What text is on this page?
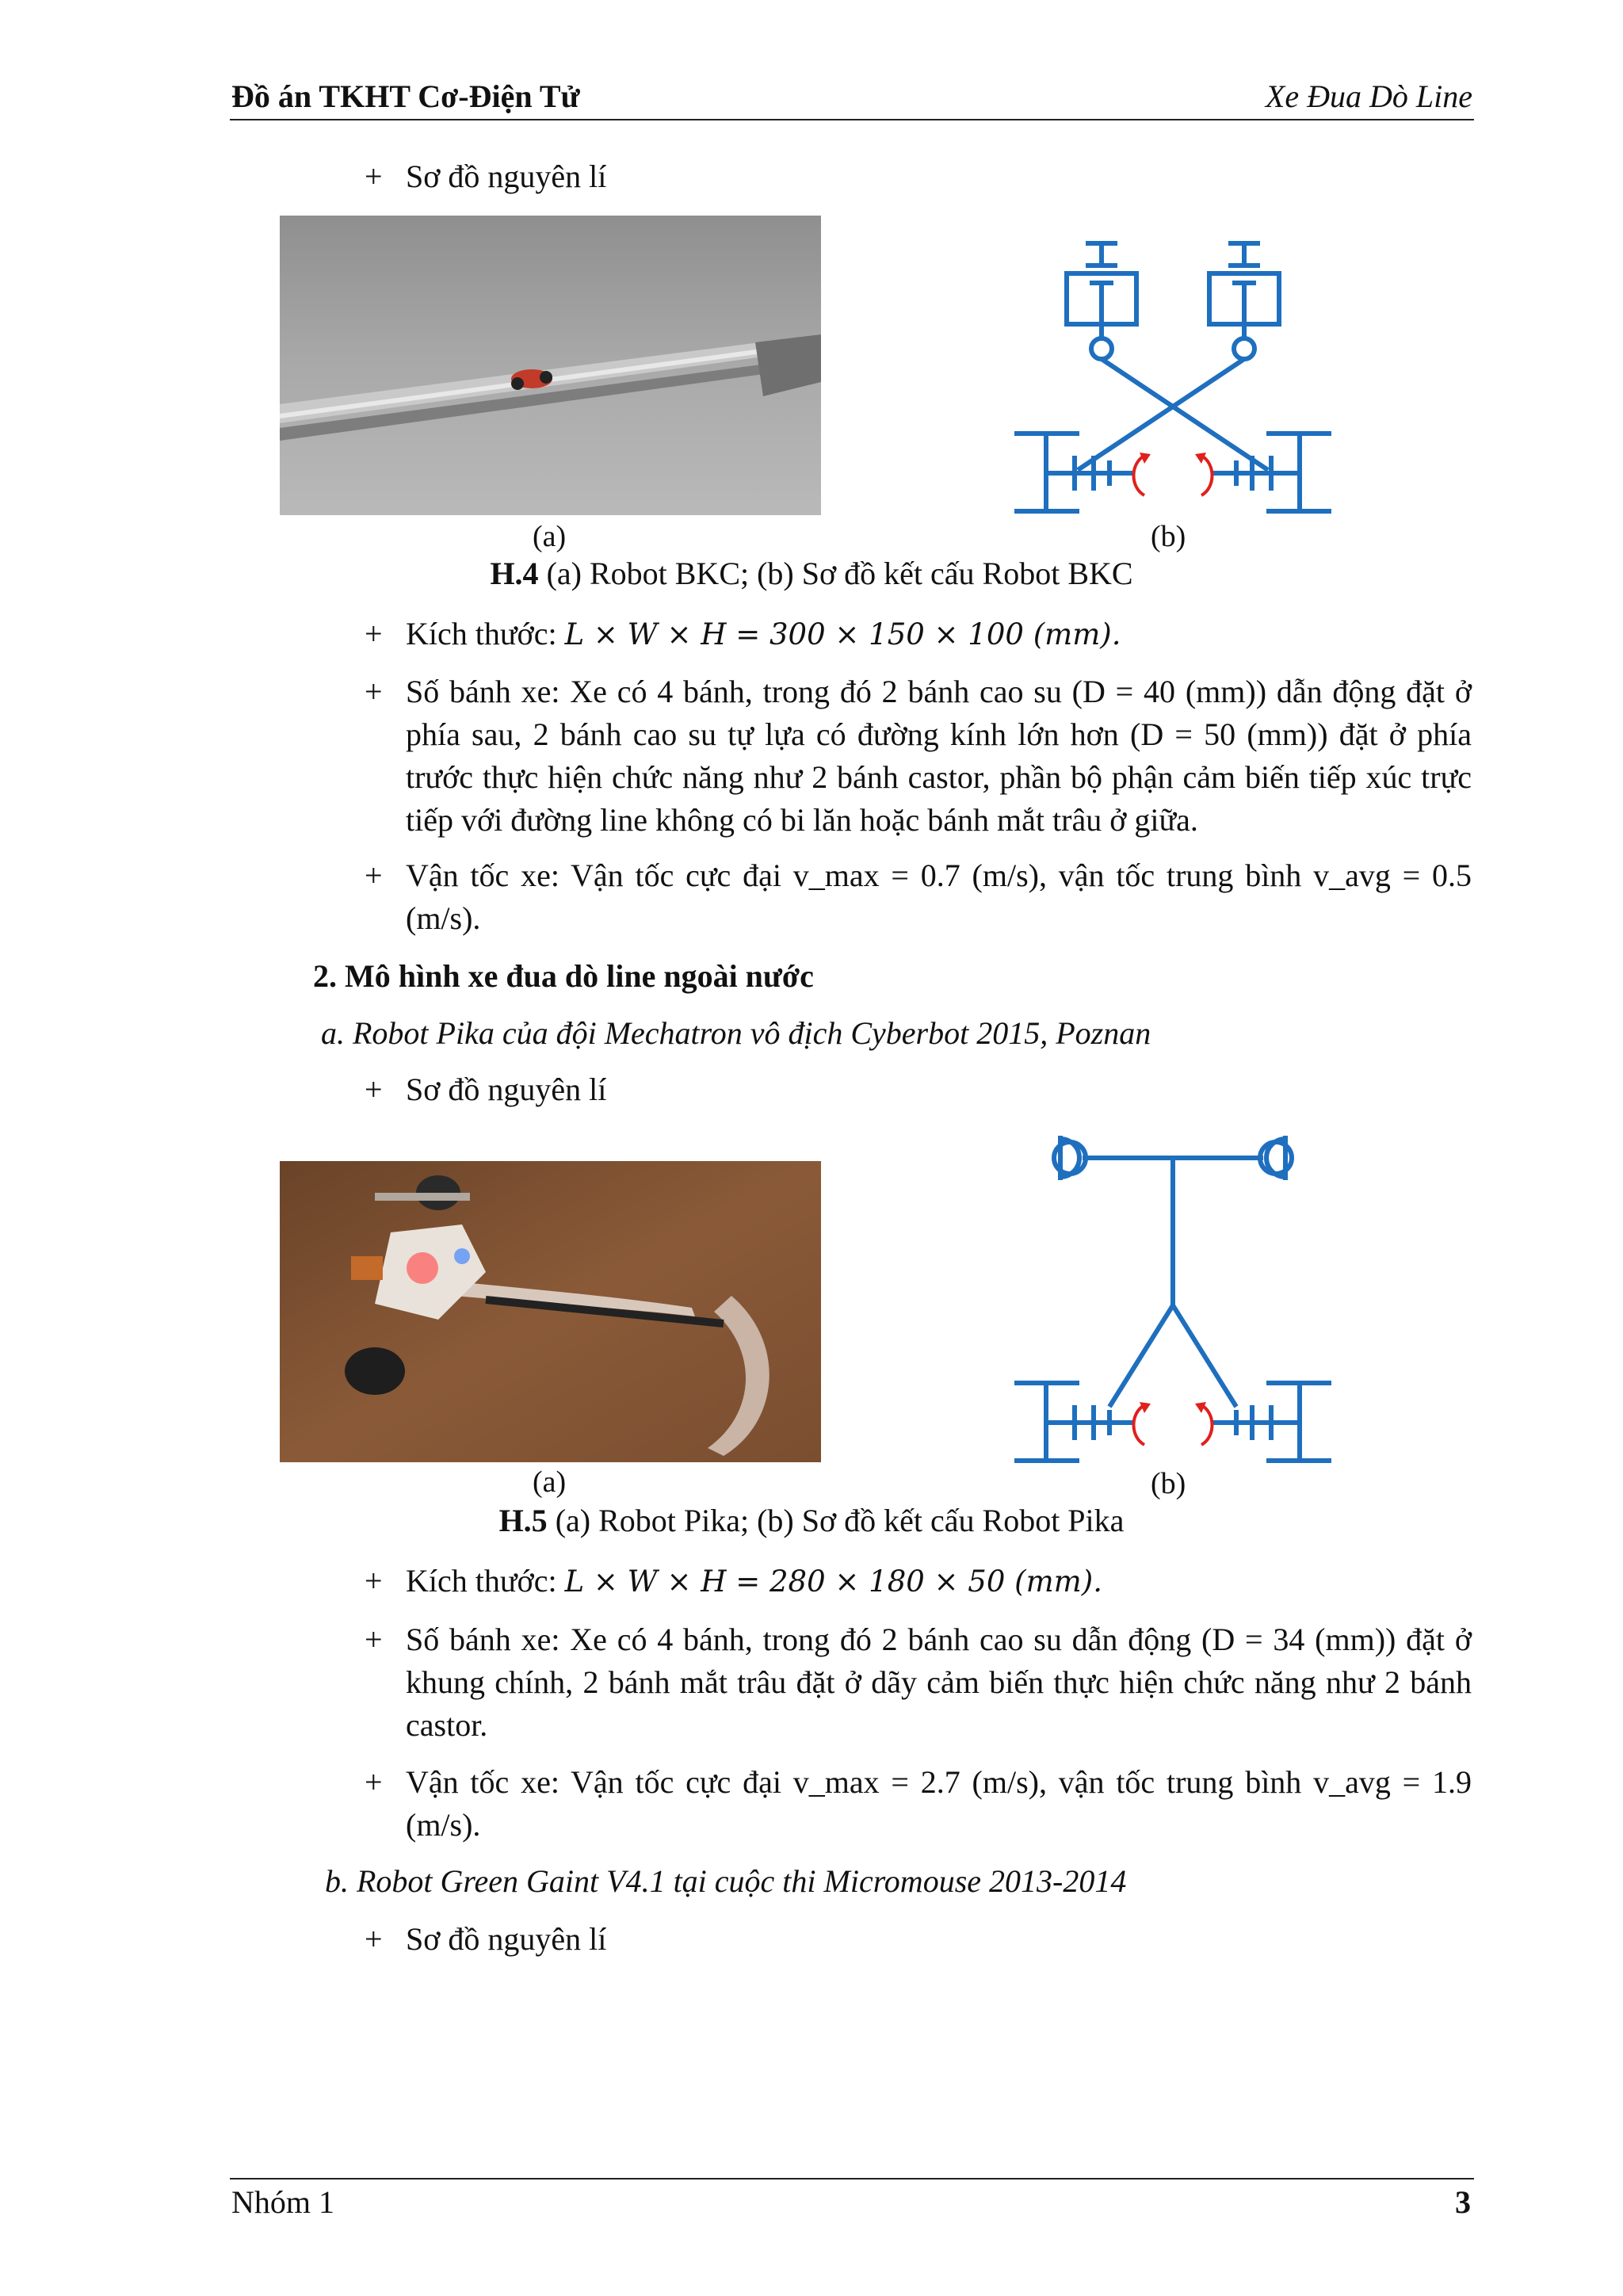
Đồ án TKHT Cơ-Điện Tử	Xe Đua Dò Line
+ Sơ đồ nguyên lí
(a)	(b)
H.4 (a) Robot BKC; (b) Sơ đồ kết cấu Robot BKC
+ Kích thước: L × W × H = 300 × 150 × 100 (mm).
+ Số bánh xe: Xe có 4 bánh, trong đó 2 bánh cao su (D = 40 (mm)) dẫn động đặt ở phía sau, 2 bánh cao su tự lựa có đường kính lớn hơn (D = 50 (mm)) đặt ở phía trước thực hiện chức năng như 2 bánh castor, phần bộ phận cảm biến tiếp xúc trực tiếp với đường line không có bi lăn hoặc bánh mắt trâu ở giữa.
+ Vận tốc xe: Vận tốc cực đại v_max = 0.7 (m/s), vận tốc trung bình v_avg = 0.5 (m/s).
2. Mô hình xe đua dò line ngoài nước
a. Robot Pika của đội Mechatron vô địch Cyberbot 2015, Poznan
+ Sơ đồ nguyên lí
(a)	(b)
H.5 (a) Robot Pika; (b) Sơ đồ kết cấu Robot Pika
+ Kích thước: L × W × H = 280 × 180 × 50 (mm).
+ Số bánh xe: Xe có 4 bánh, trong đó 2 bánh cao su dẫn động (D = 34 (mm)) đặt ở khung chính, 2 bánh mắt trâu đặt ở dãy cảm biến thực hiện chức năng như 2 bánh castor.
+ Vận tốc xe: Vận tốc cực đại v_max = 2.7 (m/s), vận tốc trung bình v_avg = 1.9 (m/s).
b. Robot Green Gaint V4.1 tại cuộc thi Micromouse 2013-2014
+ Sơ đồ nguyên lí
Nhóm 1	3
